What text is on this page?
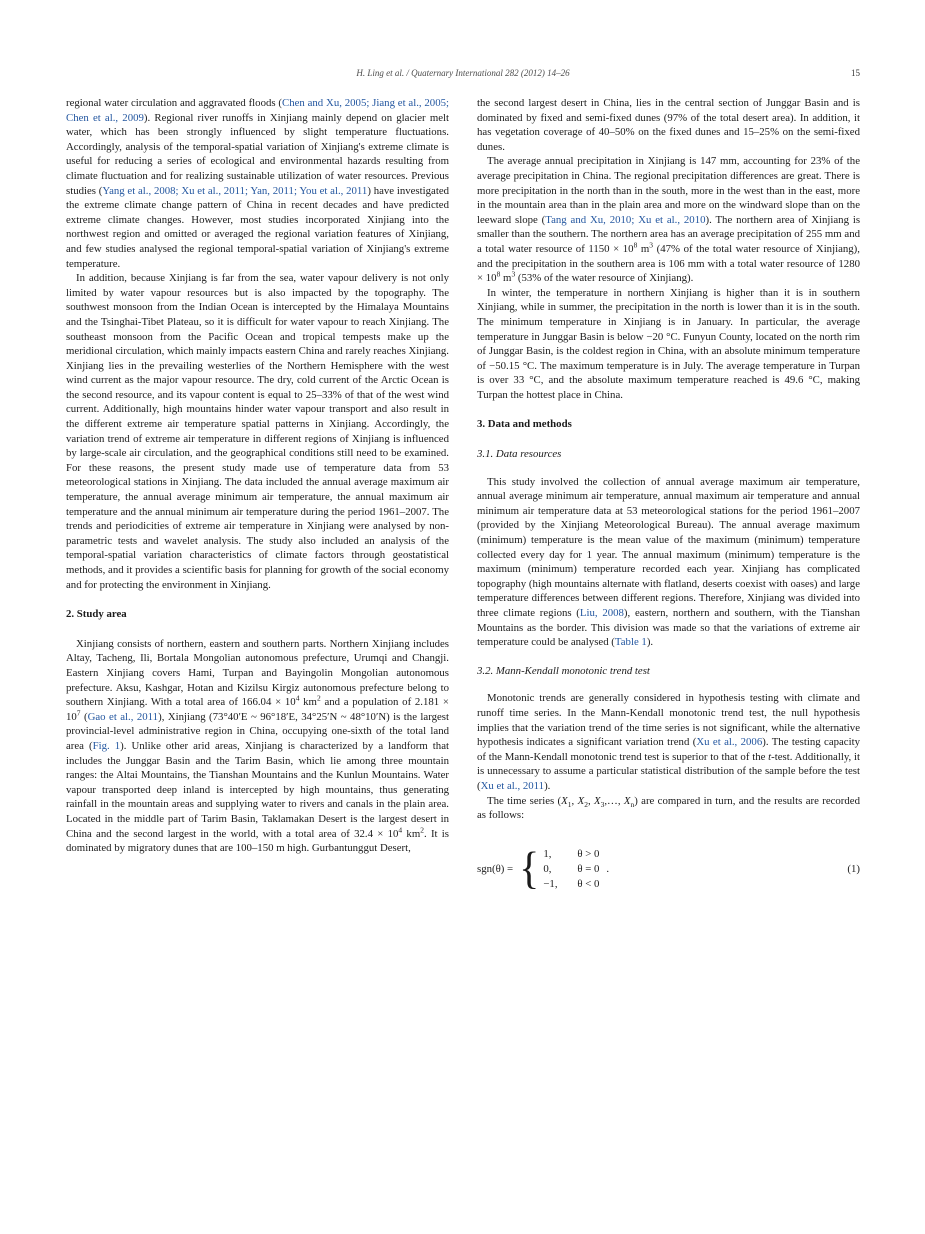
H. Ling et al. / Quaternary International 282 (2012) 14–26	15

regional water circulation and aggravated floods (Chen and Xu, 2005; Jiang et al., 2005; Chen et al., 2009). Regional river runoffs in Xinjiang mainly depend on glacier melt water, which has been strongly influenced by slight temperature fluctuations. Accordingly, analysis of the temporal-spatial variation of Xinjiang's extreme climate is useful for reducing a series of ecological and environmental hazards resulting from climate fluctuation and for realizing sustainable utilization of water resources. Previous studies (Yang et al., 2008; Xu et al., 2011; Yan, 2011; You et al., 2011) have investigated the extreme climate change pattern of China in recent decades and have predicted extreme climate changes. However, most studies incorporated Xinjiang into the northwest region and omitted or averaged the regional variation features of Xinjiang, and few studies analysed the regional temporal-spatial variation of Xinjiang's extreme temperature.

In addition, because Xinjiang is far from the sea, water vapour delivery is not only limited by water vapour resources but is also impacted by the topography. The southwest monsoon from the Indian Ocean is intercepted by the Himalaya Mountains and the Tsinghai-Tibet Plateau, so it is difficult for water vapour to reach Xinjiang. The southeast monsoon from the Pacific Ocean and tropical tempests make up the meridional circulation, which mainly impacts eastern China and rarely reaches Xinjiang. Xinjiang lies in the prevailing westerlies of the Northern Hemisphere with the west wind current as the major vapour resource. The dry, cold current of the Arctic Ocean is the second resource, and its vapour content is equal to 25–33% of that of the west wind current. Additionally, high mountains hinder water vapour transport and also result in the different extreme air temperature spatial patterns in Xinjiang. Accordingly, the variation trend of extreme air temperature in different regions of Xinjiang is influenced by large-scale air circulation, and the geographical conditions still need to be examined. For these reasons, the present study made use of temperature data from 53 meteorological stations in Xinjiang. The data included the annual average maximum air temperature, the annual average minimum air temperature, the annual maximum air temperature and the annual minimum air temperature during the period 1961–2007. The trends and periodicities of extreme air temperature in Xinjiang were analysed by non-parametric tests and wavelet analysis. The study also included an analysis of the temporal-spatial variation characteristics of climate factors through geostatistical methods, and it provides a scientific basis for planning for growth of the social economy and for protecting the environment in Xinjiang.

2. Study area

Xinjiang consists of northern, eastern and southern parts. Northern Xinjiang includes Altay, Tacheng, Ili, Bortala Mongolian autonomous prefecture, Urumqi and Changji. Eastern Xinjiang covers Hami, Turpan and Bayingolin Mongolian autonomous prefecture. Aksu, Kashgar, Hotan and Kizilsu Kirgiz autonomous prefecture belong to southern Xinjiang. With a total area of $166.04 \times 10^4$ $km^2$ and a population of $2.181 \times 10^7$ (Gao et al., 2011), Xinjiang (73°40′E ~ 96°18′E, 34°25′N ~ 48°10′N) is the largest provincial-level administrative region in China, occupying one-sixth of the total land area (Fig. 1). Unlike other arid areas, Xinjiang is characterized by a landform that includes the Junggar Basin and the Tarim Basin, which lie among three mountain ranges: the Altai Mountains, the Tianshan Mountains and the Kunlun Mountains. Water vapour transported deep inland is intercepted by high mountains, thus generating rainfall in the mountain areas and supplying water to rivers and canals in the plain area. Located in the middle part of Tarim Basin, Taklamakan Desert is the largest desert in China and the second largest in the world, with a total area of $32.4 \times 10^4$ $km^2$. It is dominated by migratory dunes that are 100–150 m high. Gurbantunggut Desert,

the second largest desert in China, lies in the central section of Junggar Basin and is dominated by fixed and semi-fixed dunes (97% of the total desert area). In addition, it has vegetation coverage of 40–50% on the fixed dunes and 15–25% on the semi-fixed dunes.

The average annual precipitation in Xinjiang is 147 mm, accounting for 23% of the average precipitation in China. The regional precipitation differences are great. There is more precipitation in the north than in the south, more in the west than in the east, more in the mountain area than in the plain area and more on the windward slope than on the leeward slope (Tang and Xu, 2010; Xu et al., 2010). The northern area of Xinjiang is smaller than the southern. The northern area has an average precipitation of 255 mm and a total water resource of $1150 \times 10^8$ $m^3$ (47% of the total water resource of Xinjiang), and the precipitation in the southern area is 106 mm with a total water resource of $1280 \times 10^8$ $m^3$ (53% of the water resource of Xinjiang).

In winter, the temperature in northern Xinjiang is higher than it is in southern Xinjiang, while in summer, the precipitation in the north is lower than it is in the south. The minimum temperature in Xinjiang is in January. In particular, the average temperature in Junggar Basin is below −20 °C. Funyun County, located on the north rim of Junggar Basin, is the coldest region in China, with an absolute minimum temperature of −50.15 °C. The maximum temperature is in July. The average temperature in Turpan is over 33 °C, and the absolute maximum temperature reached is 49.6 °C, making Turpan the hottest place in China.

3. Data and methods
3.1. Data resources

This study involved the collection of annual average maximum air temperature, annual average minimum air temperature, annual maximum air temperature and annual minimum air temperature data at 53 meteorological stations for the period 1961–2007 (provided by the Xinjiang Meteorological Bureau). The annual average maximum (minimum) temperature is the mean value of the maximum (minimum) temperature collected every day for 1 year. The annual maximum (minimum) temperature is the maximum (minimum) temperature recorded each year. Xinjiang has complicated topography (high mountains alternate with flatland, deserts coexist with oases) and large temperature differences between different regions. Therefore, Xinjiang was divided into three climate regions (Liu, 2008), eastern, northern and southern, with the Tianshan Mountains as the border. This division was made so that the variations of extreme air temperature could be analysed (Table 1).

3.2. Mann-Kendall monotonic trend test

Monotonic trends are generally considered in hypothesis testing with climate and runoff time series. In the Mann-Kendall monotonic trend test, the null hypothesis implies that the variation trend of the time series is not significant, while the alternative hypothesis indicates a significant variation trend (Xu et al., 2006). The testing capacity of the Mann-Kendall monotonic trend test is superior to that of the t-test. Additionally, it is unnecessary to assume a particular statistical distribution of the sample before the test (Xu et al., 2011).

The time series ($X_1$, $X_2$, $X_3,\dots$, $X_n$) are compared in turn, and the results are recorded as follows:

sgn(θ) = { 1,	θ > 0
0,	θ = 0
−1,	θ < 0
.	(1)
